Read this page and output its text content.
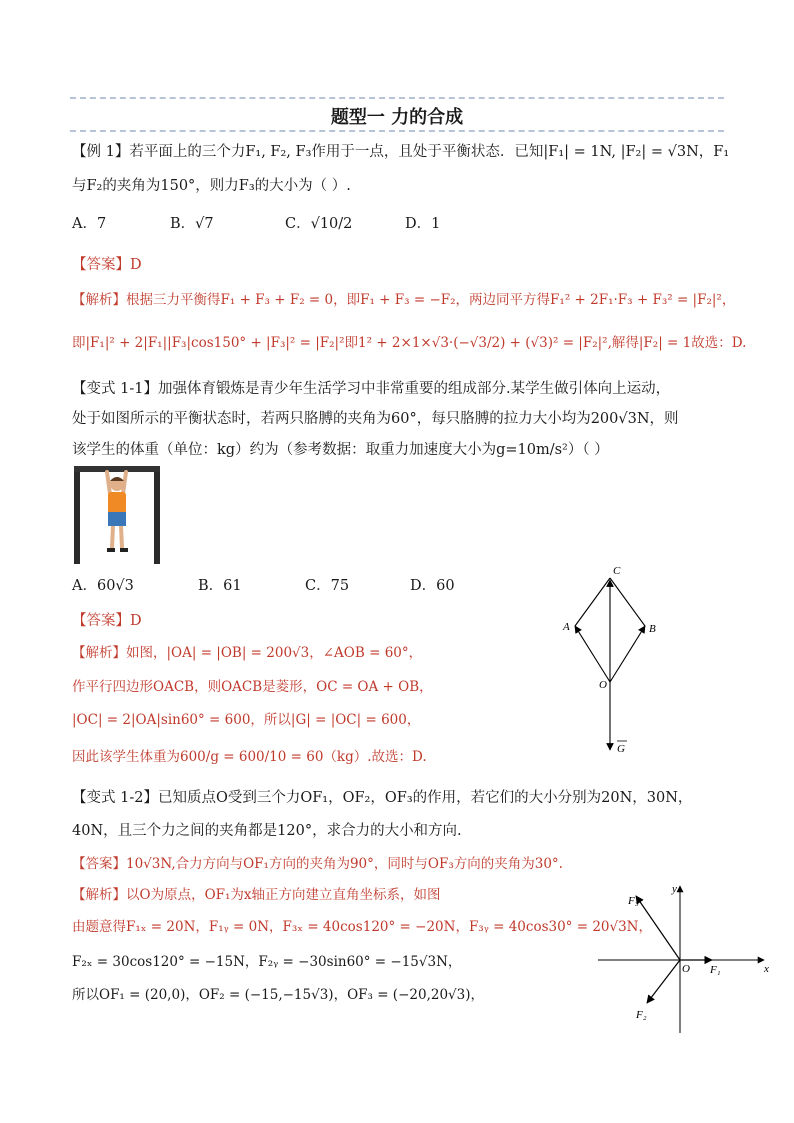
题型一 力的合成
【例 1】若平面上的三个力F₁, F₂, F₃作用于一点，且处于平衡状态．已知|F₁| = 1N, |F₂| = √3N，F₁
与F₂的夹角为150°，则力F₃的大小为（ ）.
A．7	B．√7	C．√10/2	D．1
【答案】D
【解析】根据三力平衡得F₁ + F₃ + F₂ = 0，即F₁ + F₃ = −F₂，两边同平方得F₁² + 2F₁·F₃ + F₃² = |F₂|²，
即|F₁|² + 2|F₁||F₃|cos150° + |F₃|² = |F₂|²即1² + 2×1×√3·(−√3/2) + (√3)² = |F₂|²,解得|F₂| = 1故选：D.
【变式 1-1】加强体育锻炼是青少年生活学习中非常重要的组成部分.某学生做引体向上运动，
处于如图所示的平衡状态时，若两只胳膊的夹角为60°，每只胳膊的拉力大小均为200√3N，则
该学生的体重（单位：kg）约为（参考数据：取重力加速度大小为g=10m/s²）（ ）
A．60√3	B．61	C．75	D．60
【答案】D
【解析】如图，|OA| = |OB| = 200√3，∠AOB = 60°，
作平行四边形OACB，则OACB是菱形，OC = OA + OB，
|OC| = 2|OA|sin60° = 600，所以|G| = |OC| = 600，
因此该学生体重为600/g = 600/10 = 60（kg）.故选：D.
C
A	B
O
G
【变式 1-2】已知质点O受到三个力OF₁，OF₂，OF₃的作用，若它们的大小分别为20N，30N，
40N，且三个力之间的夹角都是120°，求合力的大小和方向.
【答案】10√3N,合力方向与OF₁方向的夹角为90°，同时与OF₃方向的夹角为30°.
【解析】以O为原点，OF₁为x轴正方向建立直角坐标系，如图
由题意得F₁ₓ = 20N，F₁ᵧ = 0N，F₃ₓ = 40cos120° = −20N，F₃ᵧ = 40cos30° = 20√3N，
F₂ₓ = 30cos120° = −15N，F₂ᵧ = −30sin60° = −15√3N，
所以OF₁ = (20,0)，OF₂ = (−15,−15√3)，OF₃ = (−20,20√3)，
y
x
O F₁
F₂
F₃
